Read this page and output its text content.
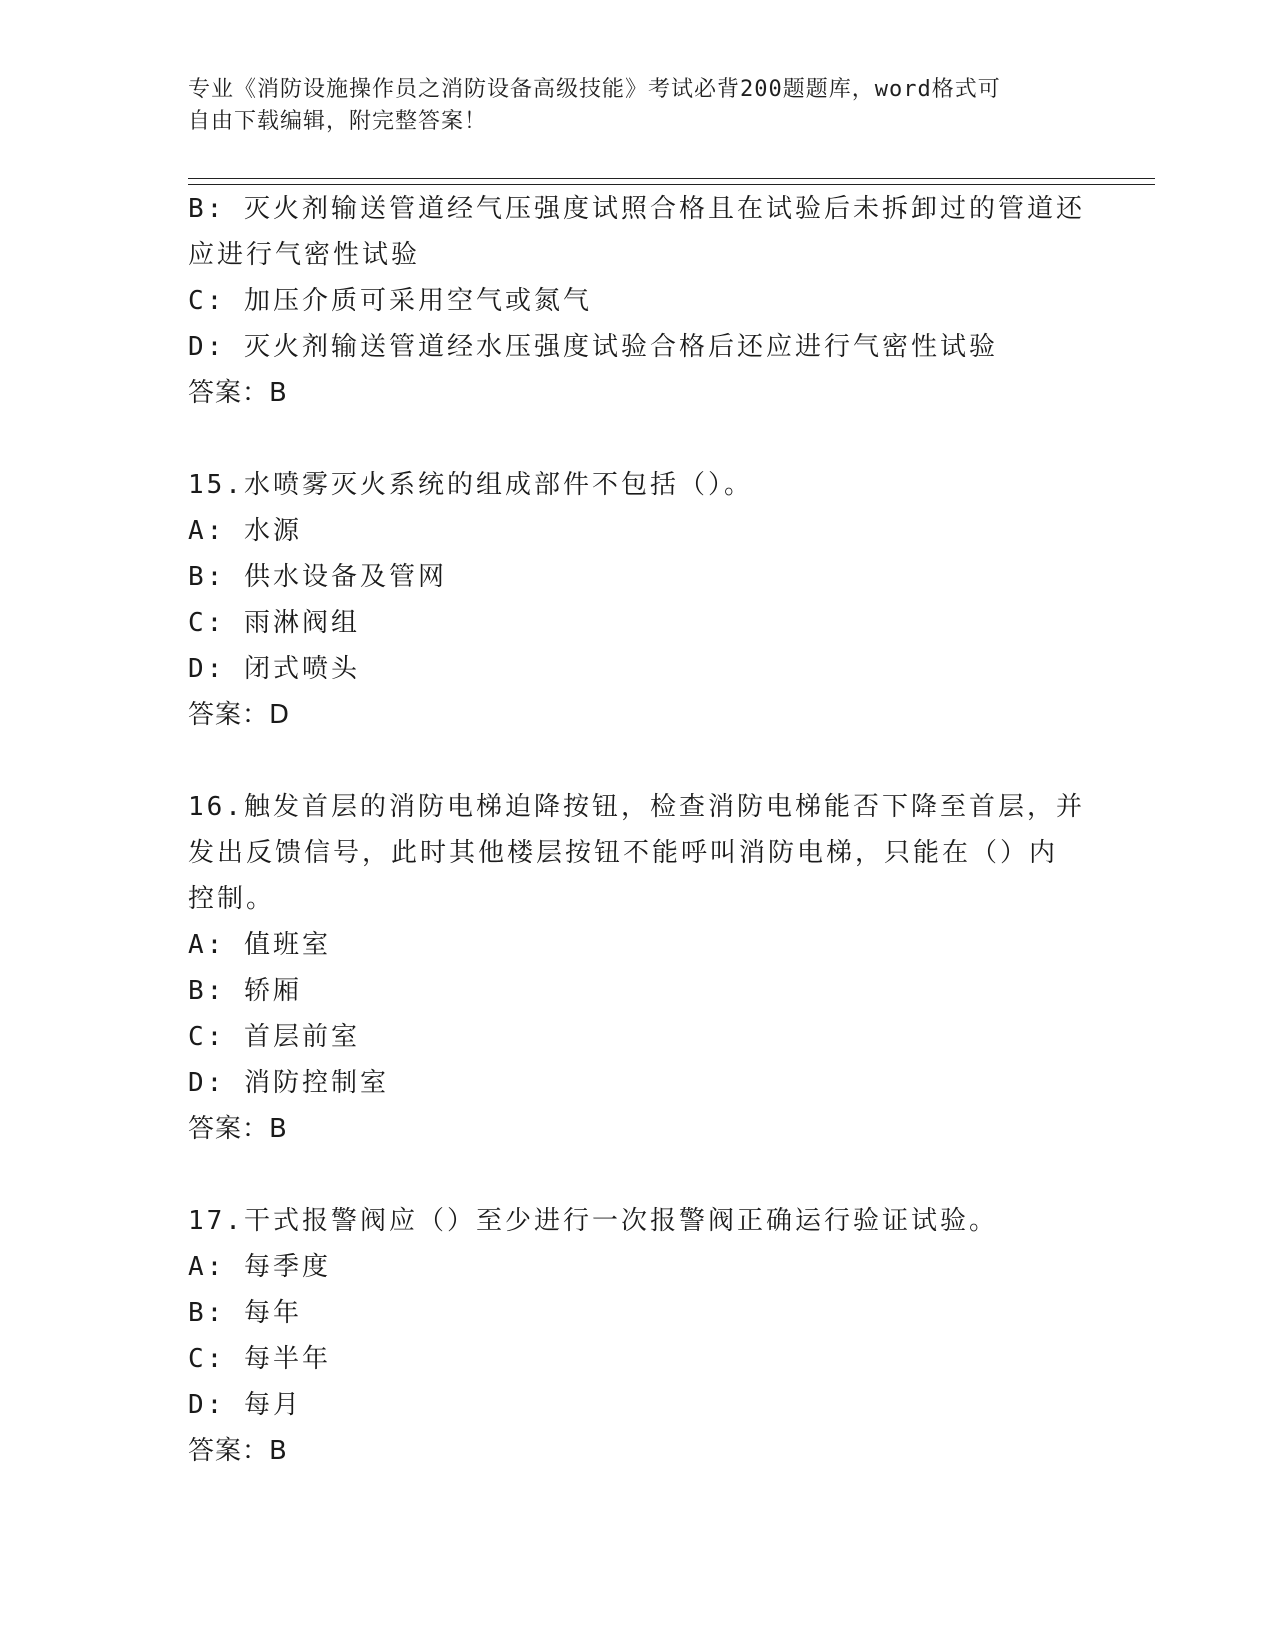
专业《消防设施操作员之消防设备高级技能》考试必背200题题库，word格式可
自由下载编辑，附完整答案！
B: 灭火剂输送管道经气压强度试照合格且在试验后未拆卸过的管道还
应进行气密性试验
C: 加压介质可采用空气或氮气
D: 灭火剂输送管道经水压强度试验合格后还应进行气密性试验
答案：B
15.水喷雾灭火系统的组成部件不包括（）。
A: 水源
B: 供水设备及管网
C: 雨淋阀组
D: 闭式喷头
答案：D
16.触发首层的消防电梯迫降按钮，检查消防电梯能否下降至首层，并
发出反馈信号，此时其他楼层按钮不能呼叫消防电梯，只能在（）内
控制。
A: 值班室
B: 轿厢
C: 首层前室
D: 消防控制室
答案：B
17.干式报警阀应（）至少进行一次报警阀正确运行验证试验。
A: 每季度
B: 每年
C: 每半年
D: 每月
答案：B
